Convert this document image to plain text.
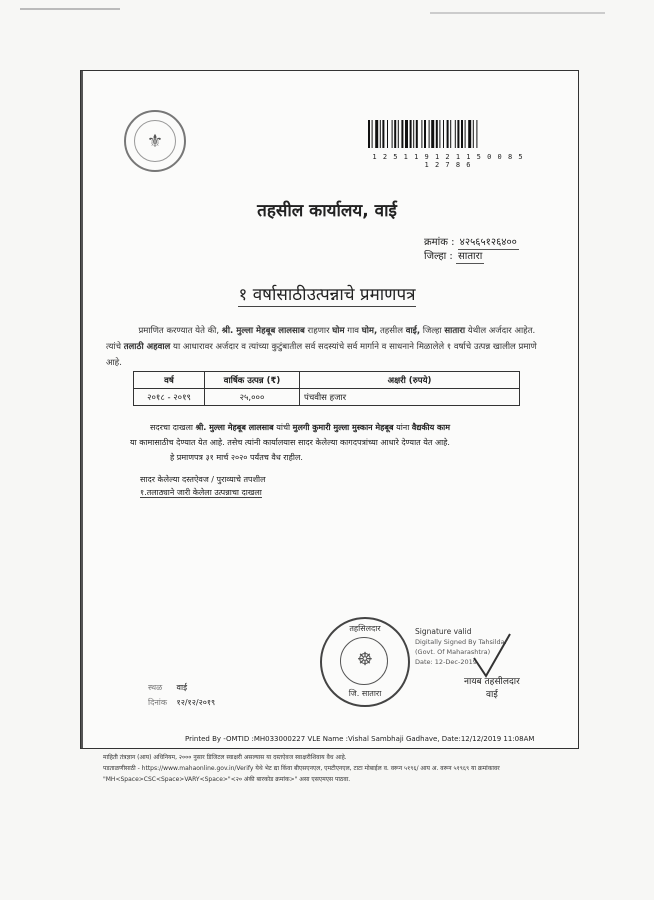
⚜
1 2 5 1 1 9 1 2 1 1 5 0 0 8 5 1 2 7 8 6
तहसील कार्यालय, वाई
क्रमांक : ४२५६५१२६४००
जिल्हा : सातारा
१ वर्षासाठीउत्पन्नाचे प्रमाणपत्र
प्रमाणित करण्यात येते की, श्री. मुल्ला मेहबूब लालसाब राहणार घोम गाव घोम, तहसील वाई, जिल्हा सातारा येथील अर्जदार आहेत. त्यांचे तलाठी अहवाल या आधारावर अर्जदार व त्यांच्या कुटुंबातील सर्व सदस्यांचे सर्व मार्गाने व साधनाने मिळालेले १ वर्षाचे उत्पन्न खालील प्रमाणे आहे.
वर्ष	वार्षिक उत्पन्न (₹)	अक्षरी (रुपये)
२०१८ - २०१९	२५,०००	पंचवीस हजार
सदरचा दाखला श्री. मुल्ला मेहबूब लालसाब यांची मुलगी कुमारी मुल्ला मुस्कान मेहबूब यांना वैद्यकीय काम
या कामासाठीच देण्यात येत आहे. तसेच त्यांनी कार्यालयास सादर केलेल्या कागदपत्रांच्या आधारे देण्यात येत आहे.
हे प्रमाणपत्र ३१ मार्च २०२० पर्यंतच वैध राहील.
सादर केलेल्या दस्तऐवज / पुराव्याचे तपशील
१.तलाठ्याने जारी केलेला उत्पन्नाचा दाखला
तहसिलदार
☸
जि. सातारा
Signature valid
Digitally Signed By Tahsildar
(Govt. Of Maharashtra)
Date: 12-Dec-2019
नायब तहसीलदार
वाई
स्थळ वाई
दिनांक १२/१२/२०१९
Printed By -OMTID :MH033000227 VLE Name :Vishal Sambhaji Gadhave, Date:12/12/2019 11:08AM
माहिती तंत्रज्ञान (आय) अधिनियम, २००० नुसार डिजिटल स्वाक्षरी असल्यास या दस्तऐवज स्वाक्षरीशिवाय वैध आहे.
पडताळणीसाठी - https://www.mahaonline.gov.in/Verify येथे भेट द्या किंवा बीएसएनएल, एमटीएनएल, टाटा मोबाईल व. वरून ५१९६/ आय अ. वरून ५१९६९ या क्रमांकावर
"MH<Space>CSC<Space>VARY<Space>"<२० अंकी बारकोड क्रमांक>" असा एसएमएस पाठवा.
